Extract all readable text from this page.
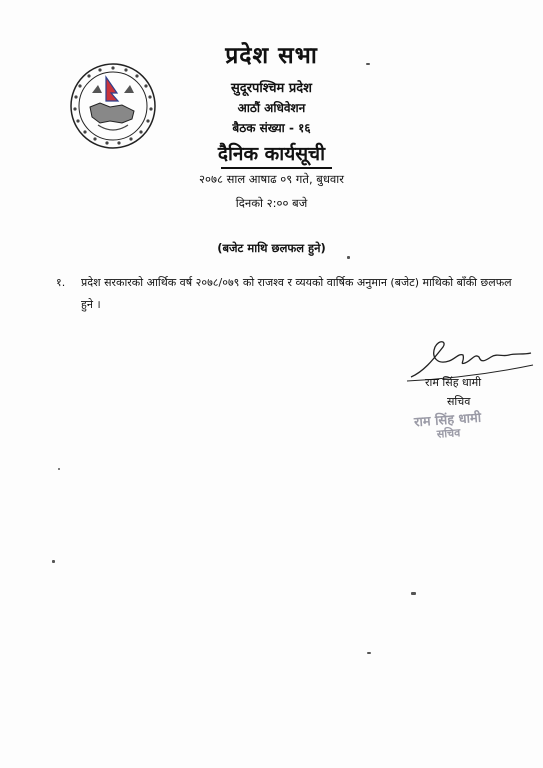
प्रदेश सभा
सुदूरपश्चिम प्रदेश
आठौं अधिवेशन
बैठक संख्या - १६
दैनिक कार्यसूची
२०७८ साल आषाढ ०९ गते, बुधवार
दिनको २:०० बजे
(बजेट माथि छलफल हुने)
१. प्रदेश सरकारको आर्थिक वर्ष २०७८/०७९ को राजश्व र व्ययको वार्षिक अनुमान (बजेट) माथिको बाँकी छलफल हुने ।
राम सिंह धामी
सचिव
राम सिंह धामी
सचिव
